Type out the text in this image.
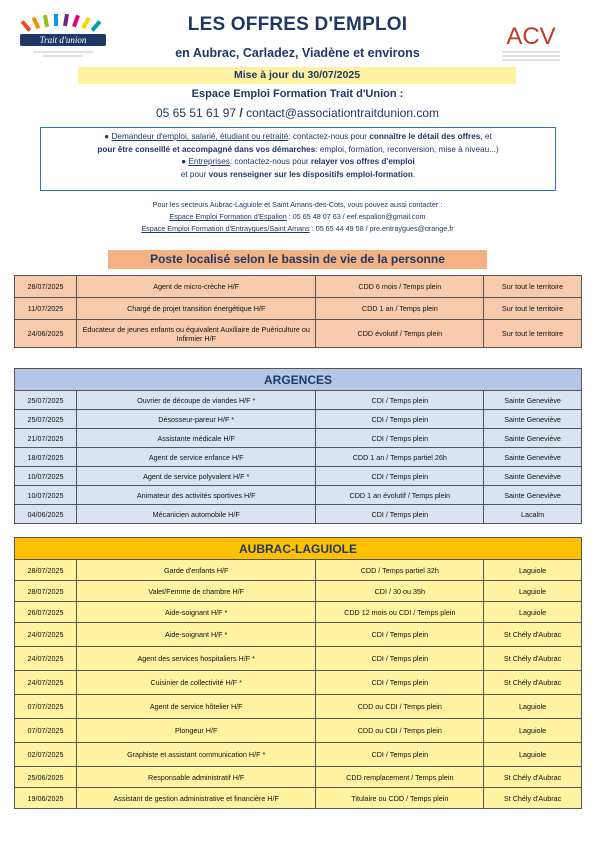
Trait d'union
LES OFFRES D'EMPLOI
en Aubrac, Carladez, Viadène et environs
ACV
Mise à jour du 30/07/2025
Espace Emploi Formation Trait d'Union :
05 65 51 61 97 / contact@associationtraitdunion.com
● Demandeur d'emploi, salarié, étudiant ou retraité: contactez-nous pour connaître le détail des offres, et
pour être conseillé et accompagné dans vos démarches: emploi, formation, reconversion, mise à niveau...)
● Entreprises: contactez-nous pour relayer vos offres d'emploi
et pour vous renseigner sur les dispositifs emploi-formation.
Pour les secteurs Aubrac-Laguiole et Saint Amans-des-Cots, vous pouvez aussi contacter :
Espace Emploi Formation d'Espalion : 05 65 48 07 63 / eef.espalion@gmail.com
Espace Emploi Formation d'Entraygues/Saint Amans : 05 65 44 49 58 / pre.entraygues@orange.fr
Poste localisé selon le bassin de vie de la personne
28/07/2025	Agent de micro-crèche H/F	CDD 6 mois / Temps plein	Sur tout le territoire
11/07/2025	Chargé de projet transition énergétique H/F	CDD 1 an / Temps plein	Sur tout le territoire
24/06/2025	Educateur de jeunes enfants ou équivalent Auxiliaire de Puériculture ou Infirmier H/F	CDD évolutif / Temps plein	Sur tout le territoire
ARGENCES			
25/07/2025	Ouvrier de découpe de viandes H/F *	CDI / Temps plein	Sainte Geneviève
25/07/2025	Désosseur-pareur H/F *	CDI / Temps plein	Sainte Geneviève
21/07/2025	Assistante médicale H/F	CDI / Temps plein	Sainte Geneviève
18/07/2025	Agent de service enfance H/F	CDD 1 an / Temps partiel 26h	Sainte Geneviève
10/07/2025	Agent de service polyvalent H/F *	CDI / Temps plein	Sainte Geneviève
10/07/2025	Animateur des activités sportives H/F	CDD 1 an évolutif / Temps plein	Sainte Geneviève
04/06/2025	Mécanicien automobile H/F	CDI / Temps plein	Lacalm
AUBRAC-LAGUIOLE			
28/07/2025	Garde d'enfants H/F	CDD / Temps partiel 32h	Laguiole
28/07/2025	Valet/Femme de chambre H/F	CDI / 30 ou 35h	Laguiole
26/07/2025	Aide-soignant H/F *	CDD 12 mois ou CDI / Temps plein	Laguiole
24/07/2025	Aide-soignant H/F *	CDI / Temps plein	St Chély d'Aubrac
24/07/2025	Agent des services hospitaliers H/F *	CDI / Temps plein	St Chély d'Aubrac
24/07/2025	Cuisinier de collectivité H/F *	CDI / Temps plein	St Chély d'Aubrac
07/07/2025	Agent de service hôtelier H/F	CDD ou CDI / Temps plein	Laguiole
07/07/2025	Plongeur H/F	CDD ou CDI / Temps plein	Laguiole
02/07/2025	Graphiste et assistant communication H/F *	CDI / Temps plein	Laguiole
25/06/2025	Responsable administratif H/F	CDD remplacement / Temps plein	St Chély d'Aubrac
19/06/2025	Assistant de gestion administrative et financière H/F	Titulaire ou CDD / Temps plein	St Chély d'Aubrac
